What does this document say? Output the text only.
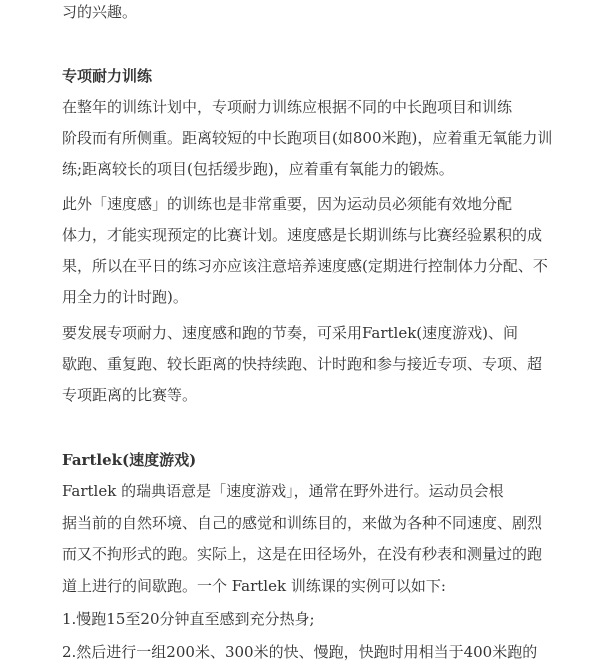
习的兴趣。
专项耐力训练
　　在整年的训练计划中，专项耐力训练应根据不同的中长跑项目和训练
阶段而有所侧重。距离较短的中长跑项目(如800米跑)，应着重无氧能力训
练;距离较长的项目(包括缓步跑)，应着重有氧能力的锻炼。
　　此外「速度感」的训练也是非常重要，因为运动员必须能有效地分配
体力，才能实现预定的比赛计划。速度感是长期训练与比赛经验累积的成
果，所以在平日的练习亦应该注意培养速度感(定期进行控制体力分配、不
用全力的计时跑)。
　　要发展专项耐力、速度感和跑的节奏，可采用Fartlek(速度游戏)、间
歇跑、重复跑、较长距离的快持续跑、计时跑和参与接近专项、专项、超
专项距离的比赛等。
Fartlek(速度游戏)
　　Fartlek 的瑞典语意是「速度游戏」，通常在野外进行。运动员会根
据当前的自然环境、自己的感觉和训练目的，来做为各种不同速度、剧烈
而又不拘形式的跑。实际上，这是在田径场外，在没有秒表和测量过的跑
道上进行的间歇跑。一个 Fartlek 训练课的实例可以如下:
　　1.慢跑15至20分钟直至感到充分热身;
　　2.然后进行一组200米、300米的快、慢跑，快跑时用相当于400米跑的
